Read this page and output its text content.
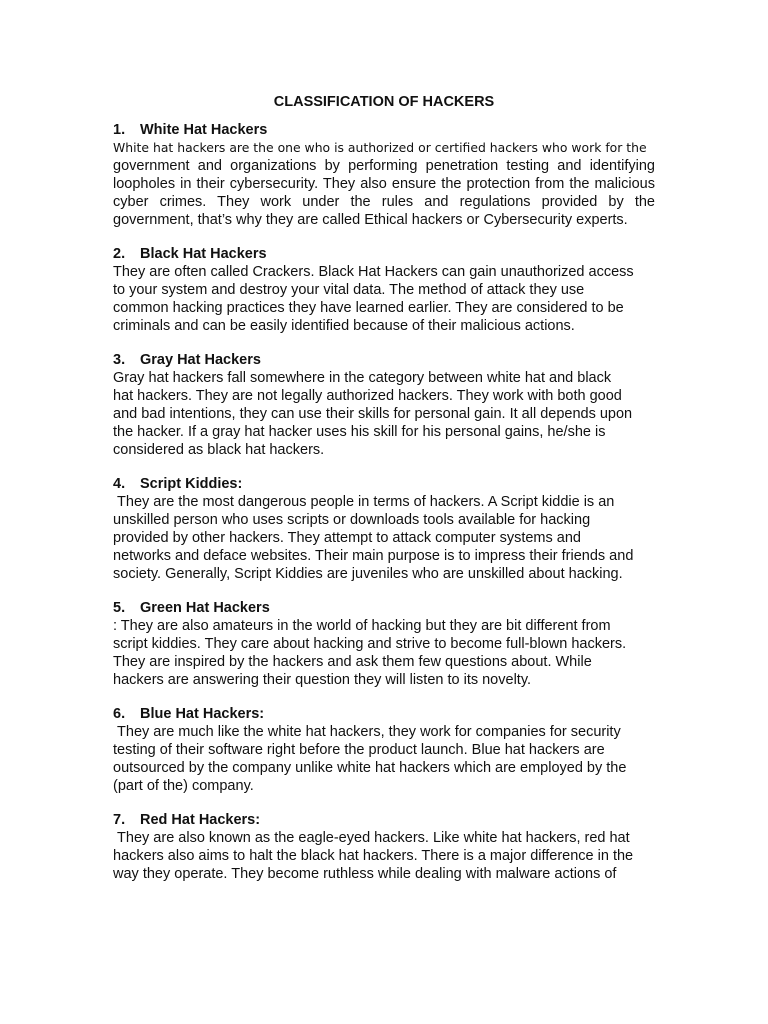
CLASSIFICATION OF HACKERS
1.	White Hat Hackers

White hat hackers are the one who is authorized or certified hackers who work for the
government and organizations by performing penetration testing and identifying loopholes in their cybersecurity. They also ensure the protection from the malicious cyber crimes. They work under the rules and regulations provided by the government, that’s why they are called Ethical hackers or Cybersecurity experts.

2.	Black Hat Hackers

They are often called Crackers. Black Hat Hackers can gain unauthorized access
to your system and destroy your vital data. The method of attack they use
common hacking practices they have learned earlier. They are considered to be
criminals and can be easily identified because of their malicious actions.

3.	Gray Hat Hackers

Gray hat hackers fall somewhere in the category between white hat and black
hat hackers. They are not legally authorized hackers. They work with both good
and bad intentions, they can use their skills for personal gain. It all depends upon
the hacker. If a gray hat hacker uses his skill for his personal gains, he/she is
considered as black hat hackers.

4.	Script Kiddies:

They are the most dangerous people in terms of hackers. A Script kiddie is an
unskilled person who uses scripts or downloads tools available for hacking
provided by other hackers. They attempt to attack computer systems and
networks and deface websites. Their main purpose is to impress their friends and
society. Generally, Script Kiddies are juveniles who are unskilled about hacking.

5.	Green Hat Hackers

: They are also amateurs in the world of hacking but they are bit different from
script kiddies. They care about hacking and strive to become full-blown hackers.
They are inspired by the hackers and ask them few questions about. While
hackers are answering their question they will listen to its novelty.

6.	Blue Hat Hackers:

They are much like the white hat hackers, they work for companies for security
testing of their software right before the product launch. Blue hat hackers are
outsourced by the company unlike white hat hackers which are employed by the
(part of the) company.

7.	Red Hat Hackers:

They are also known as the eagle-eyed hackers. Like white hat hackers, red hat
hackers also aims to halt the black hat hackers. There is a major difference in the
way they operate. They become ruthless while dealing with malware actions of
